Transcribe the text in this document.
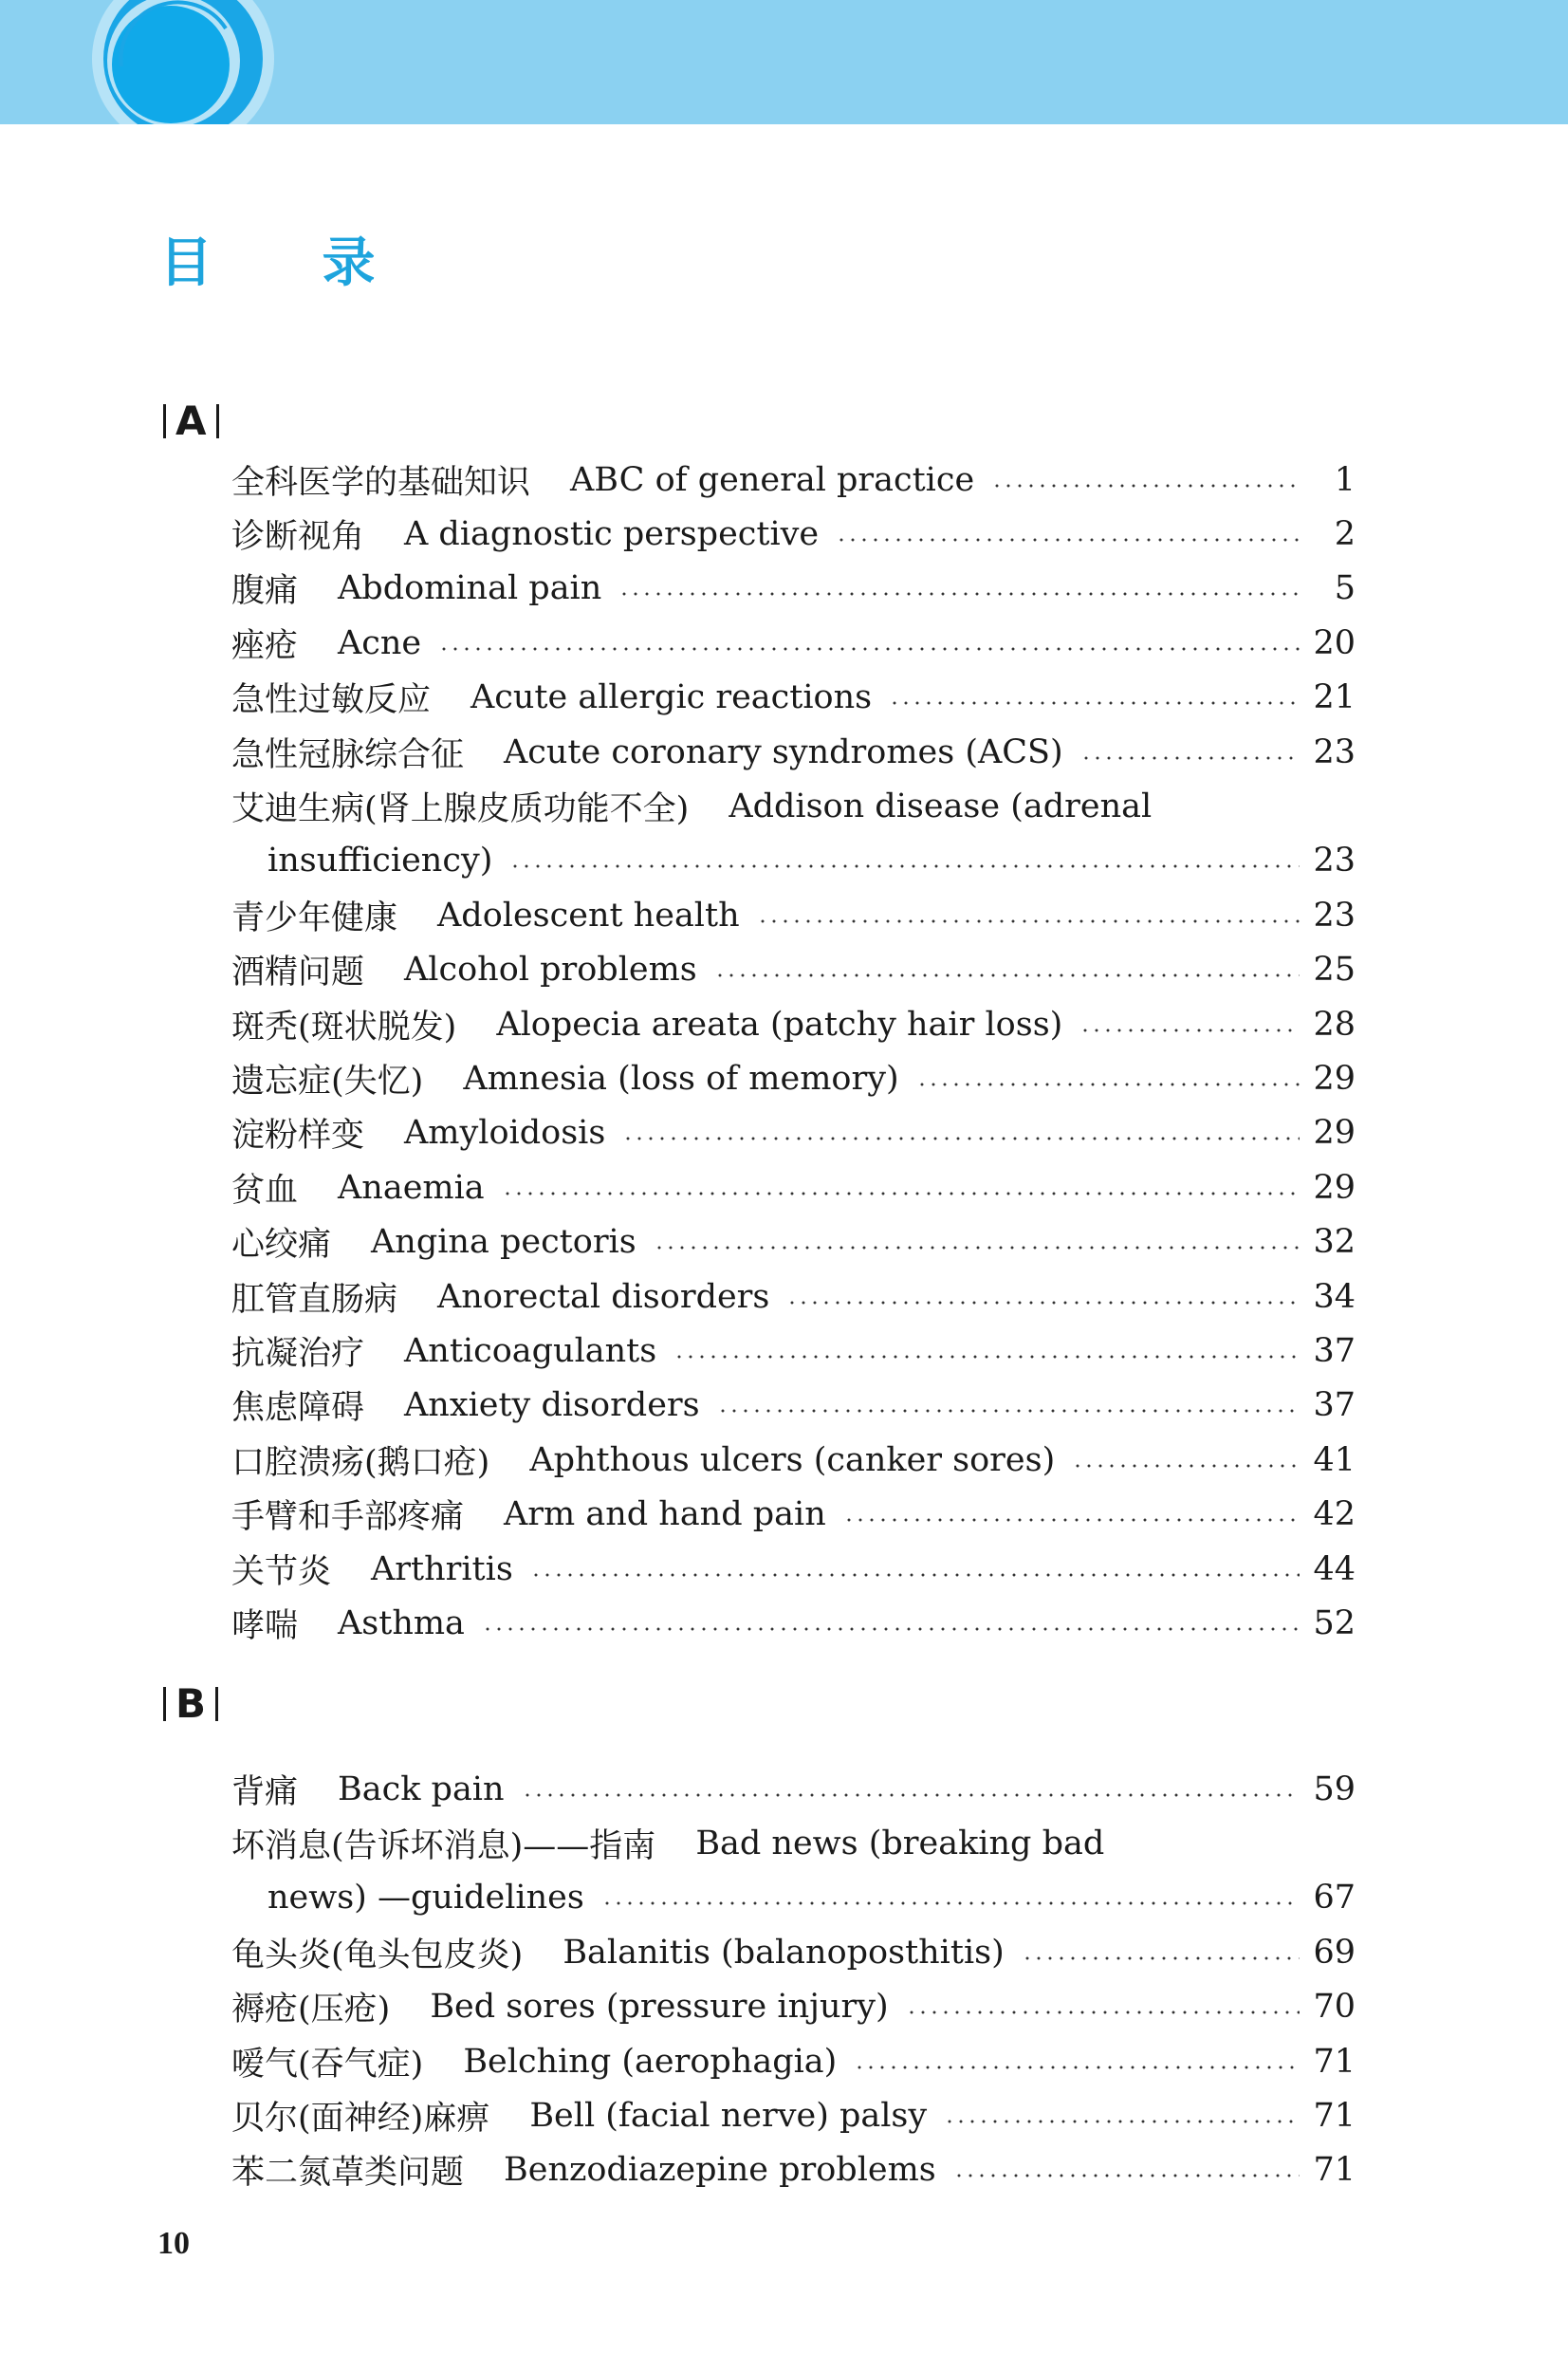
目 录
A
全科医学的基础知识 ABC of general practice	1
诊断视角 A diagnostic perspective	2
腹痛 Abdominal pain	5
痤疮 Acne	20
急性过敏反应 Acute allergic reactions	21
急性冠脉综合征 Acute coronary syndromes (ACS)	23
艾迪生病(肾上腺皮质功能不全) Addison disease (adrenal
insufficiency)	23
青少年健康 Adolescent health	23
酒精问题 Alcohol problems	25
斑秃(斑状脱发) Alopecia areata (patchy hair loss)	28
遗忘症(失忆) Amnesia (loss of memory)	29
淀粉样变 Amyloidosis	29
贫血 Anaemia	29
心绞痛 Angina pectoris	32
肛管直肠病 Anorectal disorders	34
抗凝治疗 Anticoagulants	37
焦虑障碍 Anxiety disorders	37
口腔溃疡(鹅口疮) Aphthous ulcers (canker sores)	41
手臂和手部疼痛 Arm and hand pain	42
关节炎 Arthritis	44
哮喘 Asthma	52
B
背痛 Back pain	59
坏消息(告诉坏消息)——指南 Bad news (breaking bad
news) —guidelines	67
龟头炎(龟头包皮炎) Balanitis (balanoposthitis)	69
褥疮(压疮) Bed sores (pressure injury)	70
嗳气(吞气症) Belching (aerophagia)	71
贝尔(面神经)麻痹 Bell (facial nerve) palsy	71
苯二氮䓬类问题 Benzodiazepine problems	71
10
